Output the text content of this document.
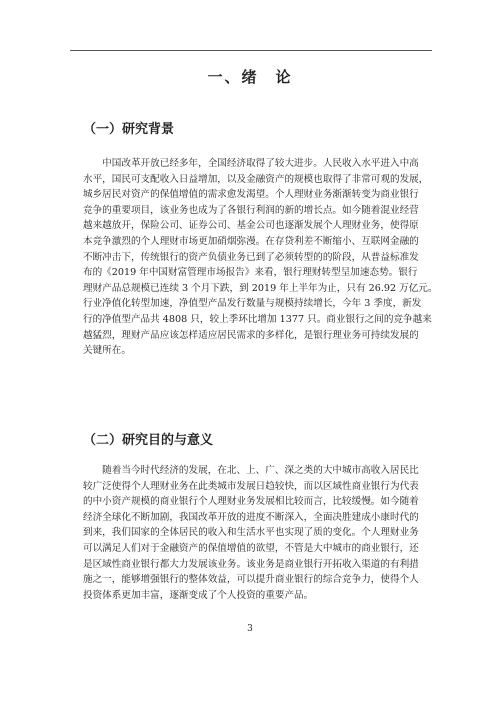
一、绪　论
（一）研究背景

　　中国改革开放已经多年，全国经济取得了较大进步。人民收入水平进入中高
水平，国民可支配收入日益增加，以及金融资产的规模也取得了非常可观的发展，
城乡居民对资产的保值增值的需求愈发渴望。个人理财业务渐渐转变为商业银行
竞争的重要项目，该业务也成为了各银行利润的新的增长点。如今随着混业经营
越来越放开，保险公司、证券公司、基金公司也逐渐发展个人理财业务，使得原
本竞争激烈的个人理财市场更加硝烟弥漫。在存贷利差不断缩小、互联网金融的
不断冲击下，传统银行的资产负债业务已到了必须转型的的阶段，从普益标准发
布的《2019 年中国财富管理市场报告》来看，银行理财转型呈加速态势。银行
理财产品总规模已连续 3 个月下跌，到 2019 年上半年为止，只有 26.92 万亿元。
行业净值化转型加速，净值型产品发行数量与规模持续增长，今年 3 季度，新发
行的净值型产品共 4808 只，较上季环比增加 1377 只。商业银行之间的竞争越来
越猛烈，理财产品应该怎样适应居民需求的多样化，是银行理业务可持续发展的
关键所在。

（二）研究目的与意义

　　随着当今时代经济的发展，在北、上、广、深之类的大中城市高收入居民比
较广泛使得个人理财业务在此类城市发展日趋较快，而以区域性商业银行为代表
的中小资产规模的商业银行个人理财业务发展相比较而言，比较缓慢。如今随着
经济全球化不断加剧，我国改革开放的进度不断深入，全面决胜建成小康时代的
到来，我们国家的全体居民的收入和生活水平也实现了质的变化。个人理财业务
可以满足人们对于金融资产的保值增值的欲望，不管是大中城市的商业银行，还
是区域性商业银行都大力发展该业务。该业务是商业银行开拓收入渠道的有利措
施之一，能够增强银行的整体效益，可以提升商业银行的综合竞争力，使得个人
投资体系更加丰富，逐渐变成了个人投资的重要产品。

3
